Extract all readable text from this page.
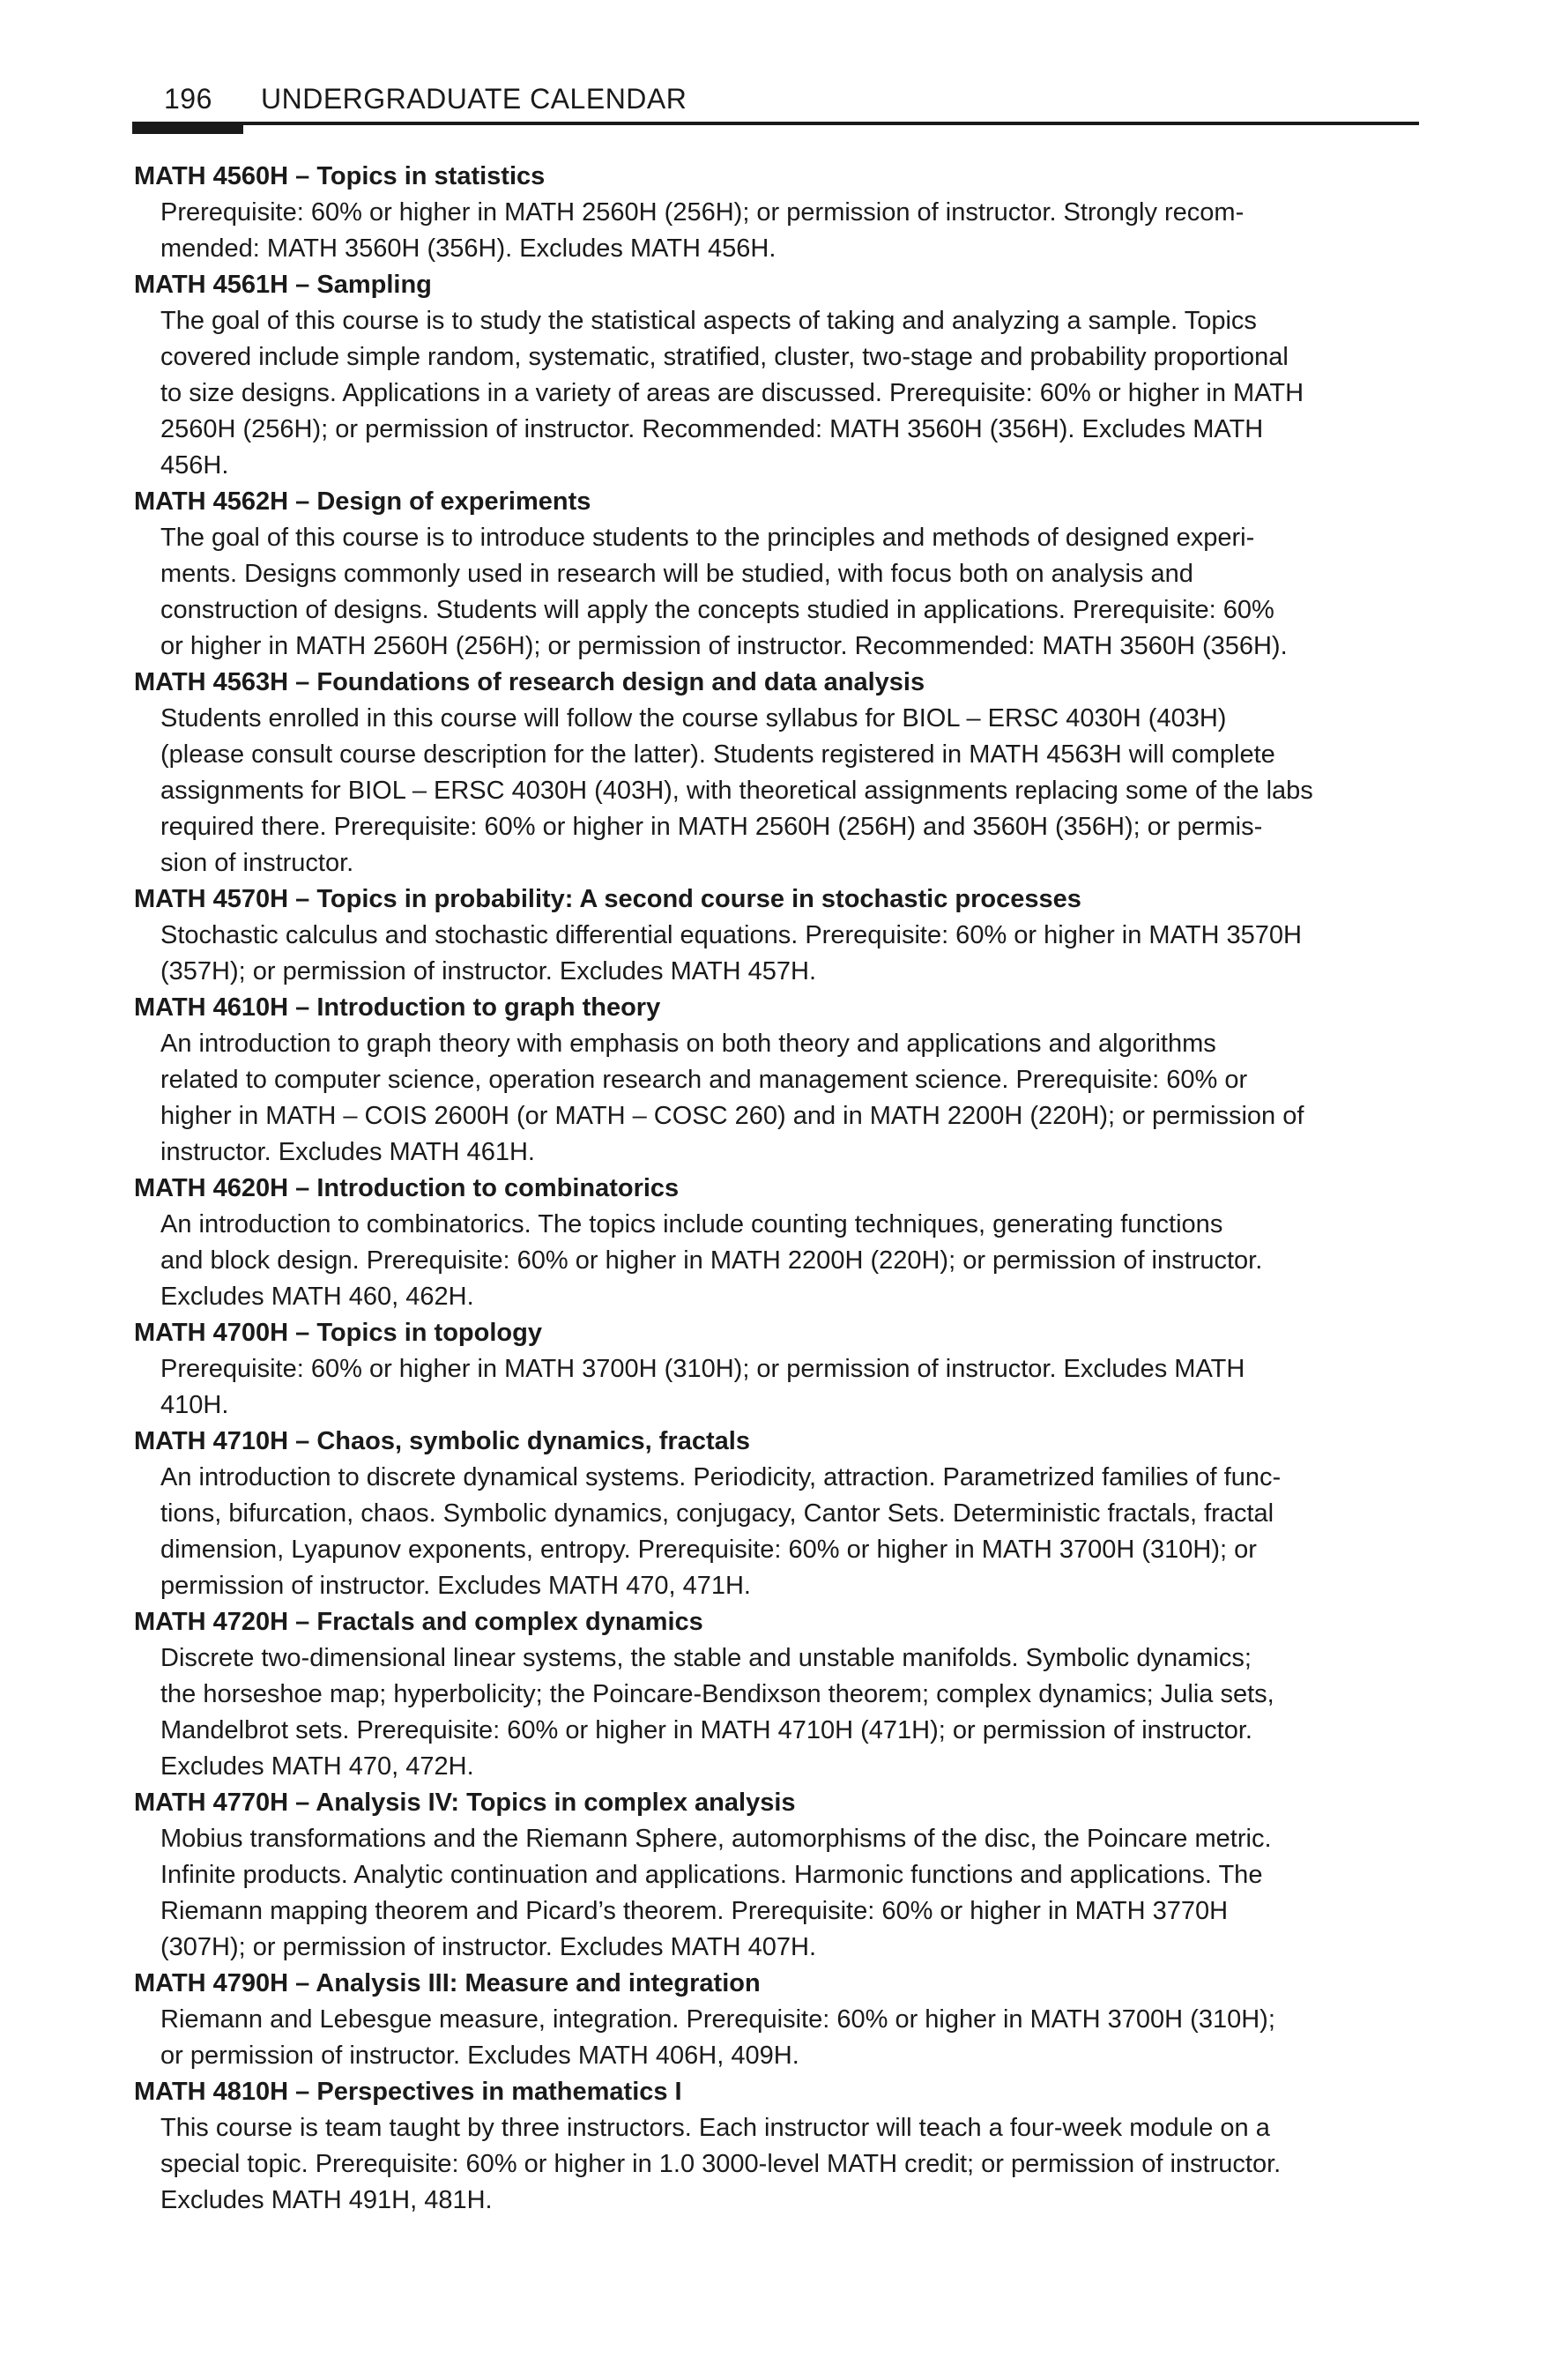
196 UNDERGRADUATE CALENDAR
MATH 4560H – Topics in statistics
Prerequisite: 60% or higher in MATH 2560H (256H); or permission of instructor. Strongly recom-
mended: MATH 3560H (356H). Excludes MATH 456H.
MATH 4561H – Sampling
The goal of this course is to study the statistical aspects of taking and analyzing a sample. Topics
covered include simple random, systematic, stratified, cluster, two-stage and probability proportional
to size designs. Applications in a variety of areas are discussed. Prerequisite: 60% or higher in MATH
2560H (256H); or permission of instructor. Recommended: MATH 3560H (356H). Excludes MATH
456H.
MATH 4562H – Design of experiments
The goal of this course is to introduce students to the principles and methods of designed experi-
ments. Designs commonly used in research will be studied, with focus both on analysis and
construction of designs. Students will apply the concepts studied in applications. Prerequisite: 60%
or higher in MATH 2560H (256H); or permission of instructor. Recommended: MATH 3560H (356H).
MATH 4563H – Foundations of research design and data analysis
Students enrolled in this course will follow the course syllabus for BIOL – ERSC 4030H (403H)
(please consult course description for the latter). Students registered in MATH 4563H will complete
assignments for BIOL – ERSC 4030H (403H), with theoretical assignments replacing some of the labs
required there. Prerequisite: 60% or higher in MATH 2560H (256H) and 3560H (356H); or permis-
sion of instructor.
MATH 4570H – Topics in probability: A second course in stochastic processes
Stochastic calculus and stochastic differential equations. Prerequisite: 60% or higher in MATH 3570H
(357H); or permission of instructor. Excludes MATH 457H.
MATH 4610H – Introduction to graph theory
An introduction to graph theory with emphasis on both theory and applications and algorithms
related to computer science, operation research and management science. Prerequisite: 60% or
higher in MATH – COIS 2600H (or MATH – COSC 260) and in MATH 2200H (220H); or permission of
instructor. Excludes MATH 461H.
MATH 4620H – Introduction to combinatorics
An introduction to combinatorics. The topics include counting techniques, generating functions
and block design. Prerequisite: 60% or higher in MATH 2200H (220H); or permission of instructor.
Excludes MATH 460, 462H.
MATH 4700H – Topics in topology
Prerequisite: 60% or higher in MATH 3700H (310H); or permission of instructor. Excludes MATH
410H.
MATH 4710H – Chaos, symbolic dynamics, fractals
An introduction to discrete dynamical systems. Periodicity, attraction. Parametrized families of func-
tions, bifurcation, chaos. Symbolic dynamics, conjugacy, Cantor Sets. Deterministic fractals, fractal
dimension, Lyapunov exponents, entropy. Prerequisite: 60% or higher in MATH 3700H (310H); or
permission of instructor. Excludes MATH 470, 471H.
MATH 4720H – Fractals and complex dynamics
Discrete two-dimensional linear systems, the stable and unstable manifolds. Symbolic dynamics;
the horseshoe map; hyperbolicity; the Poincare-Bendixson theorem; complex dynamics; Julia sets,
Mandelbrot sets. Prerequisite: 60% or higher in MATH 4710H (471H); or permission of instructor.
Excludes MATH 470, 472H.
MATH 4770H – Analysis IV: Topics in complex analysis
Mobius transformations and the Riemann Sphere, automorphisms of the disc, the Poincare metric.
Infinite products. Analytic continuation and applications. Harmonic functions and applications. The
Riemann mapping theorem and Picard’s theorem. Prerequisite: 60% or higher in MATH 3770H
(307H); or permission of instructor. Excludes MATH 407H.
MATH 4790H – Analysis III: Measure and integration
Riemann and Lebesgue measure, integration. Prerequisite: 60% or higher in MATH 3700H (310H);
or permission of instructor. Excludes MATH 406H, 409H.
MATH 4810H – Perspectives in mathematics I
This course is team taught by three instructors. Each instructor will teach a four-week module on a
special topic. Prerequisite: 60% or higher in 1.0 3000-level MATH credit; or permission of instructor.
Excludes MATH 491H, 481H.
